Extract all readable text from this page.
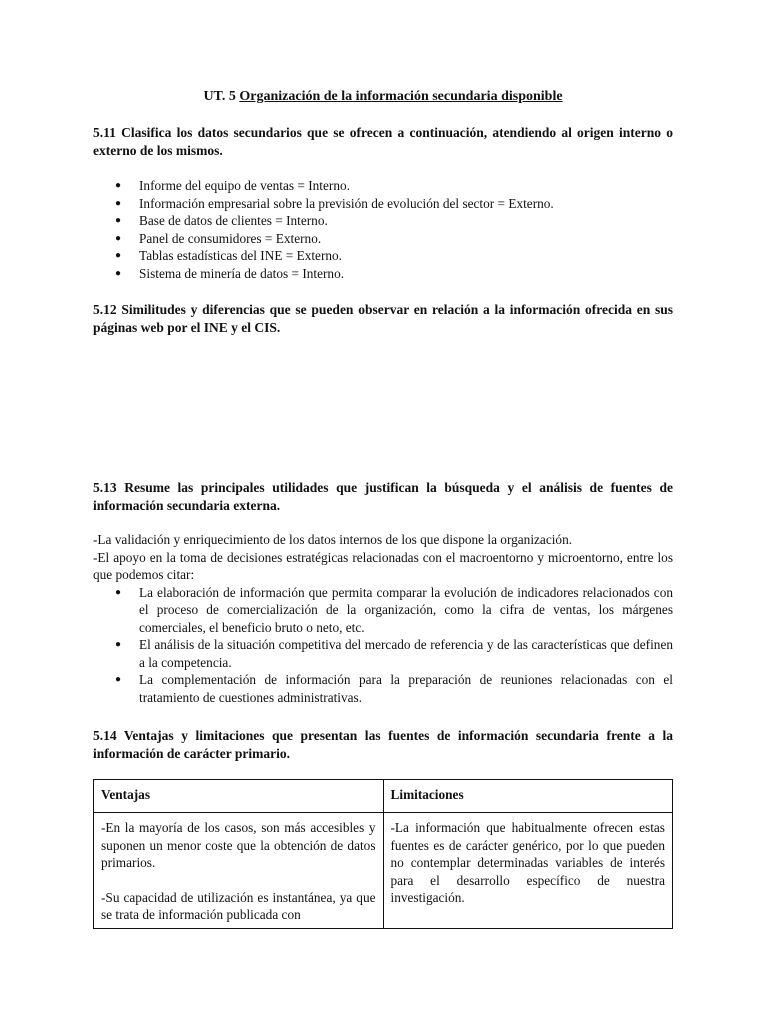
UT. 5 Organización de la información secundaria disponible
5.11 Clasifica los datos secundarios que se ofrecen a continuación, atendiendo al origen interno o externo de los mismos.
● Informe del equipo de ventas = Interno.
● Información empresarial sobre la previsión de evolución del sector = Externo.
● Base de datos de clientes = Interno.
● Panel de consumidores = Externo.
● Tablas estadísticas del INE = Externo.
● Sistema de minería de datos = Interno.
5.12 Similitudes y diferencias que se pueden observar en relación a la información ofrecida en sus páginas web por el INE y el CIS.
5.13 Resume las principales utilidades que justifican la búsqueda y el análisis de fuentes de información secundaria externa.

-La validación y enriquecimiento de los datos internos de los que dispone la organización.

-El apoyo en la toma de decisiones estratégicas relacionadas con el macroentorno y microentorno, entre los que podemos citar:

● La elaboración de información que permita comparar la evolución de indicadores relacionados con el proceso de comercialización de la organización, como la cifra de ventas, los márgenes comerciales, el beneficio bruto o neto, etc.
● El análisis de la situación competitiva del mercado de referencia y de las características que definen a la competencia.
● La complementación de información para la preparación de reuniones relacionadas con el tratamiento de cuestiones administrativas.
5.14 Ventajas y limitaciones que presentan las fuentes de información secundaria frente a la información de carácter primario.
Ventajas	Limitaciones

-En la mayoría de los casos, son más accesibles y suponen un menor coste que la obtención de datos primarios.

-Su capacidad de utilización es instantánea, ya que se trata de información publicada con	-La información que habitualmente ofrecen estas fuentes es de carácter genérico, por lo que pueden no contemplar determinadas variables de interés para el desarrollo específico de nuestra investigación.
